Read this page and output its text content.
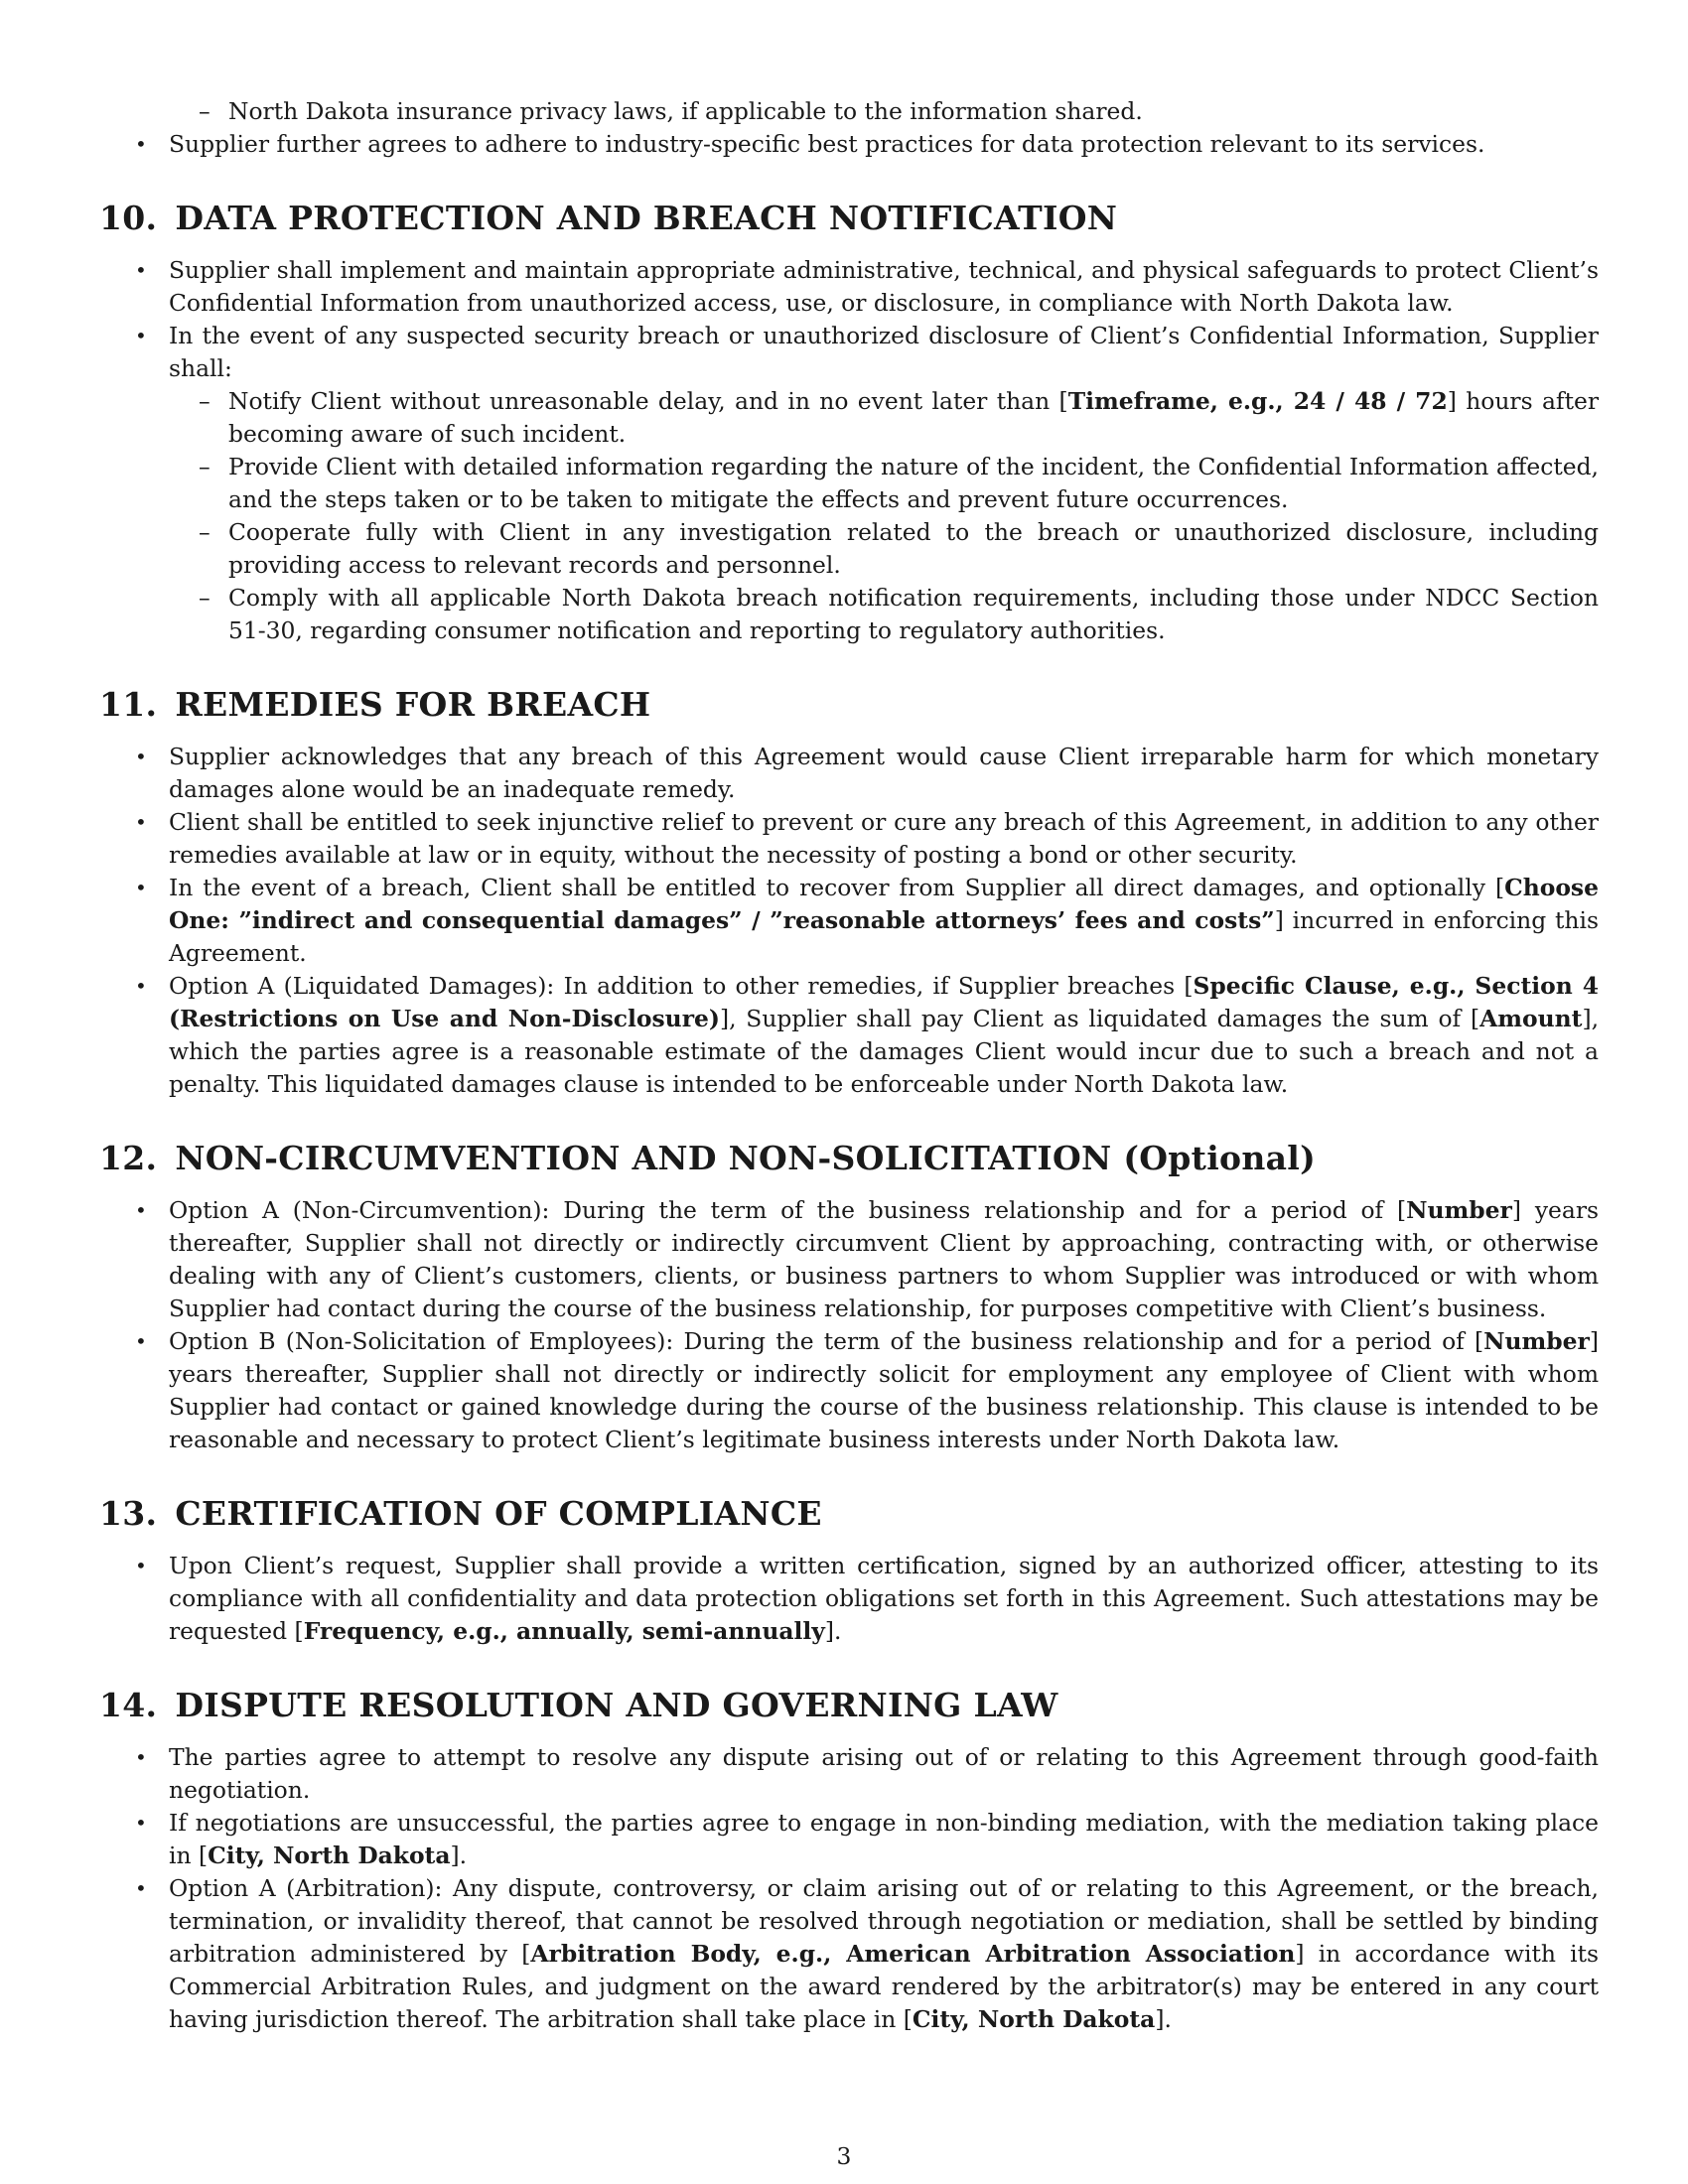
– North Dakota insurance privacy laws, if applicable to the information shared.
• Supplier further agrees to adhere to industry-specific best practices for data protection relevant to its services.
10. DATA PROTECTION AND BREACH NOTIFICATION
• Supplier shall implement and maintain appropriate administrative, technical, and physical safeguards to protect Client’s Confidential Information from unauthorized access, use, or disclosure, in compliance with North Dakota law.
• In the event of any suspected security breach or unauthorized disclosure of Client’s Confidential Information, Supplier shall:
– Notify Client without unreasonable delay, and in no event later than [Timeframe, e.g., 24 / 48 / 72] hours after becoming aware of such incident.
– Provide Client with detailed information regarding the nature of the incident, the Confidential Information affected, and the steps taken or to be taken to mitigate the effects and prevent future occurrences.
– Cooperate fully with Client in any investigation related to the breach or unauthorized disclosure, including providing access to relevant records and personnel.
– Comply with all applicable North Dakota breach notification requirements, including those under NDCC Section 51-30, regarding consumer notification and reporting to regulatory authorities.
11. REMEDIES FOR BREACH
• Supplier acknowledges that any breach of this Agreement would cause Client irreparable harm for which monetary damages alone would be an inadequate remedy.
• Client shall be entitled to seek injunctive relief to prevent or cure any breach of this Agreement, in addition to any other remedies available at law or in equity, without the necessity of posting a bond or other security.
• In the event of a breach, Client shall be entitled to recover from Supplier all direct damages, and optionally [Choose One: ”indirect and consequential damages” / ”reasonable attorneys’ fees and costs”] incurred in enforcing this Agreement.
• Option A (Liquidated Damages): In addition to other remedies, if Supplier breaches [Specific Clause, e.g., Section 4 (Restrictions on Use and Non-Disclosure)], Supplier shall pay Client as liquidated damages the sum of [Amount], which the parties agree is a reasonable estimate of the damages Client would incur due to such a breach and not a penalty. This liquidated damages clause is intended to be enforceable under North Dakota law.
12. NON-CIRCUMVENTION AND NON-SOLICITATION (Optional)
• Option A (Non-Circumvention): During the term of the business relationship and for a period of [Number] years thereafter, Supplier shall not directly or indirectly circumvent Client by approaching, contracting with, or otherwise dealing with any of Client’s customers, clients, or business partners to whom Supplier was introduced or with whom Supplier had contact during the course of the business relationship, for purposes competitive with Client’s business.
• Option B (Non-Solicitation of Employees): During the term of the business relationship and for a period of [Number] years thereafter, Supplier shall not directly or indirectly solicit for employment any employee of Client with whom Supplier had contact or gained knowledge during the course of the business relationship. This clause is intended to be reasonable and necessary to protect Client’s legitimate business interests under North Dakota law.
13. CERTIFICATION OF COMPLIANCE
• Upon Client’s request, Supplier shall provide a written certification, signed by an authorized officer, attesting to its compliance with all confidentiality and data protection obligations set forth in this Agreement. Such attestations may be requested [Frequency, e.g., annually, semi-annually].
14. DISPUTE RESOLUTION AND GOVERNING LAW
• The parties agree to attempt to resolve any dispute arising out of or relating to this Agreement through good-faith negotiation.
• If negotiations are unsuccessful, the parties agree to engage in non-binding mediation, with the mediation taking place in [City, North Dakota].
• Option A (Arbitration): Any dispute, controversy, or claim arising out of or relating to this Agreement, or the breach, termination, or invalidity thereof, that cannot be resolved through negotiation or mediation, shall be settled by binding arbitration administered by [Arbitration Body, e.g., American Arbitration Association] in accordance with its Commercial Arbitration Rules, and judgment on the award rendered by the arbitrator(s) may be entered in any court having jurisdiction thereof. The arbitration shall take place in [City, North Dakota].
3
